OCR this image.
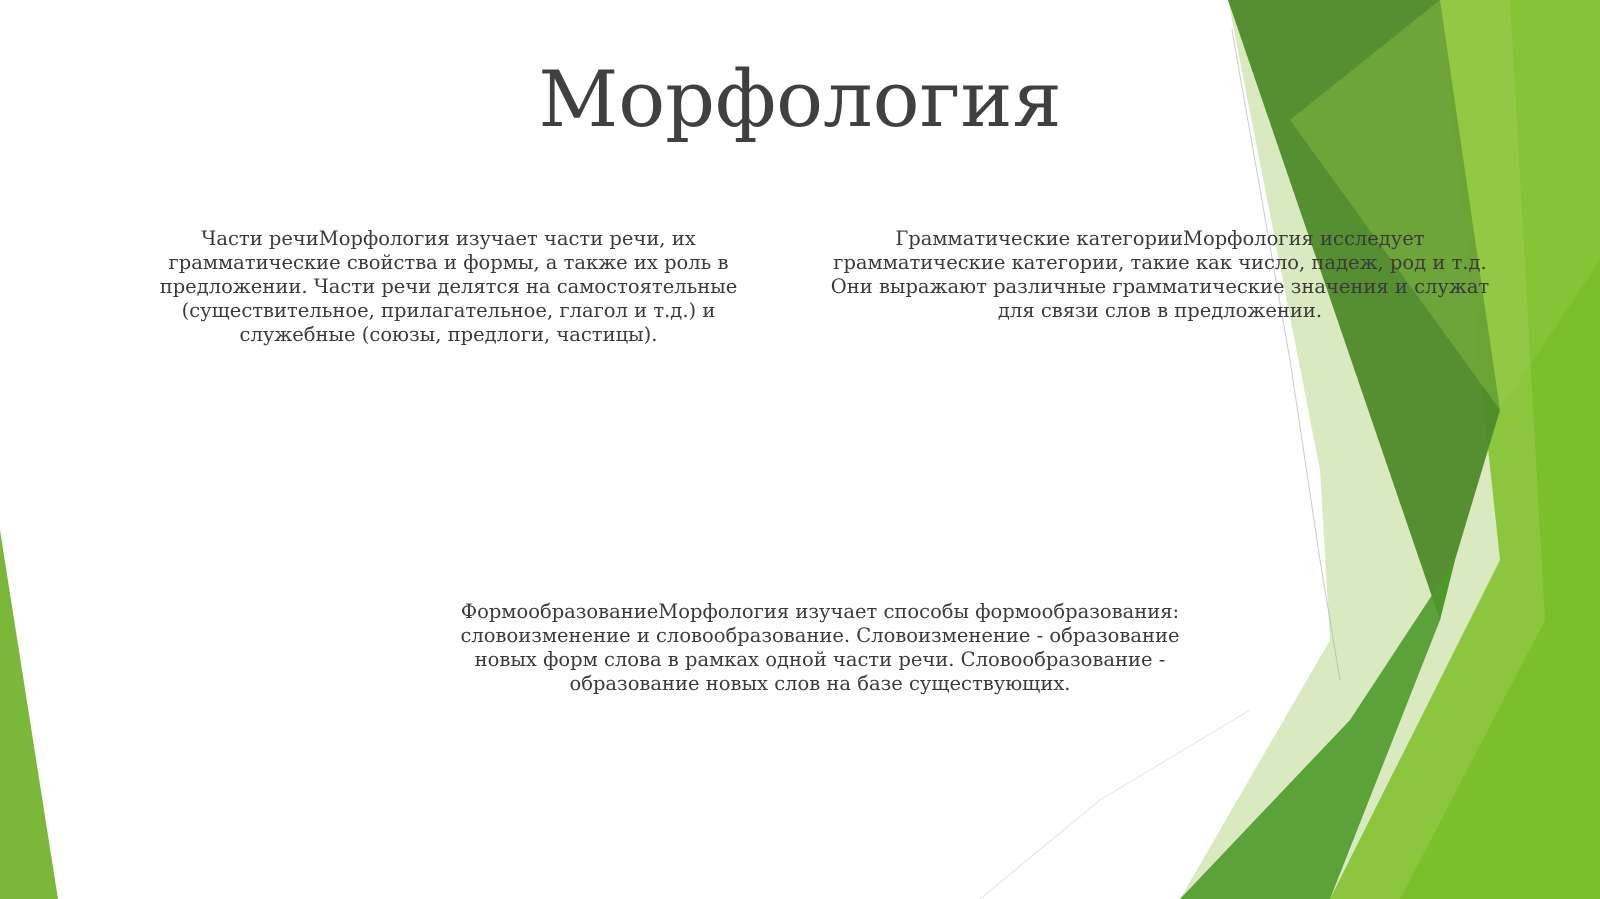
Морфология

Части речиМорфология изучает части речи, их грамматические свойства и формы, а также их роль в предложении. Части речи делятся на самостоятельные (существительное, прилагательное, глагол и т.д.) и служебные (союзы, предлоги, частицы).

Грамматические категорииМорфология исследует грамматические категории, такие как число, падеж, род и т.д. Они выражают различные грамматические значения и служат для связи слов в предложении.

ФормообразованиеМорфология изучает способы формообразования: словоизменение и словообразование. Словоизменение - образование новых форм слова в рамках одной части речи. Словообразование - образование новых слов на базе существующих.
